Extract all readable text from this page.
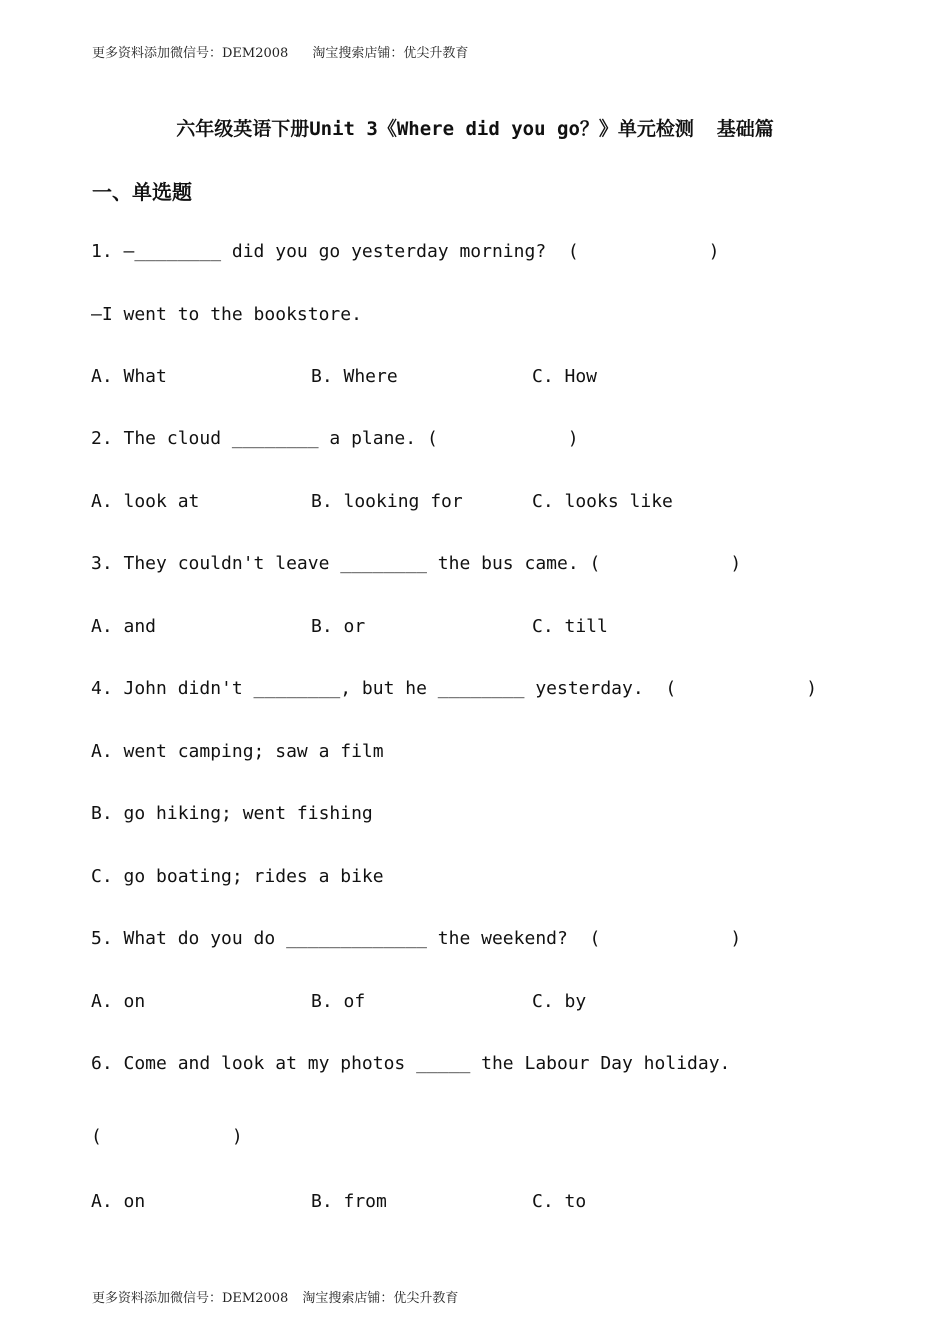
更多资料添加微信号：DEM2008 淘宝搜索店铺：优尖升教育
六年级英语下册Unit 3《Where did you go？》单元检测  基础篇
一、单选题
1. —________ did you go yesterday morning?  (	)
—I went to the bookstore.
A. What	B. Where	C. How
2. The cloud ________ a plane. (	)
A. look at	B. looking for	C. looks like
3. They couldn't leave ________ the bus came. (	)
A. and	B. or	C. till
4. John didn't ________, but he ________ yesterday.  (	)
A. went camping; saw a film
B. go hiking; went fishing
C. go boating; rides a bike
5. What do you do _____________ the weekend?  (	)
A. on	B. of	C. by
6. Come and look at my photos _____ the Labour Day holiday.
(	)
A. on	B. from	C. to
更多资料添加微信号：DEM2008 淘宝搜索店铺：优尖升教育
